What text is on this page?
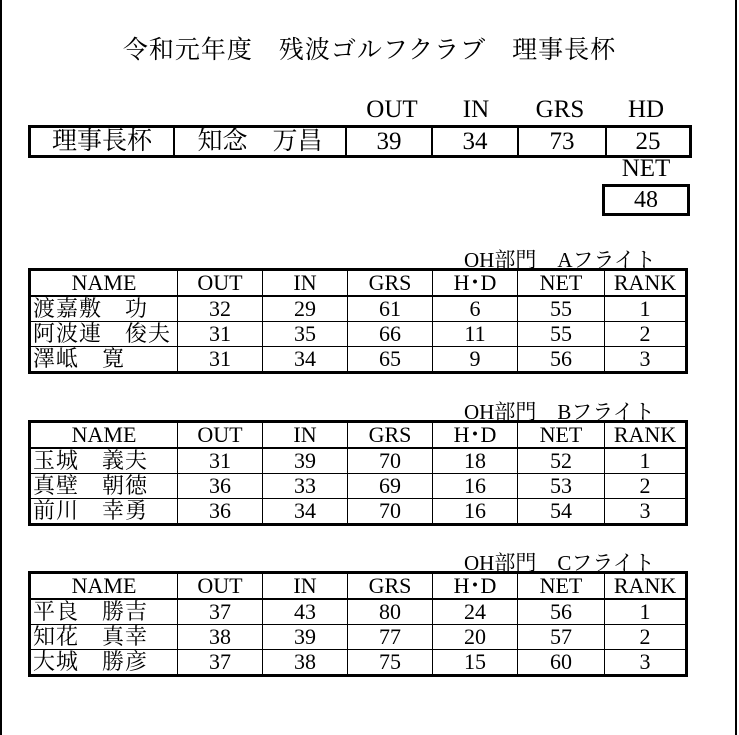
令和元年度　残波ゴルフクラブ　理事長杯
OUT	IN	GRS	HD
理事長杯	知念　万昌	39	34	73	25
NET
48
OH部門　Aフライト
NAME	OUT	IN	GRS	H･D	NET	RANK
渡嘉敷　功	32	29	61	6	55	1
阿波連　俊夫	31	35	66	11	55	2
澤岻　寛	31	34	65	9	56	3
OH部門　Bフライト
NAME	OUT	IN	GRS	H･D	NET	RANK
玉城　義夫	31	39	70	18	52	1
真壁　朝徳	36	33	69	16	53	2
前川　幸勇	36	34	70	16	54	3
OH部門　Cフライト
NAME	OUT	IN	GRS	H･D	NET	RANK
平良　勝吉	37	43	80	24	56	1
知花　真幸	38	39	77	20	57	2
大城　勝彦	37	38	75	15	60	3
